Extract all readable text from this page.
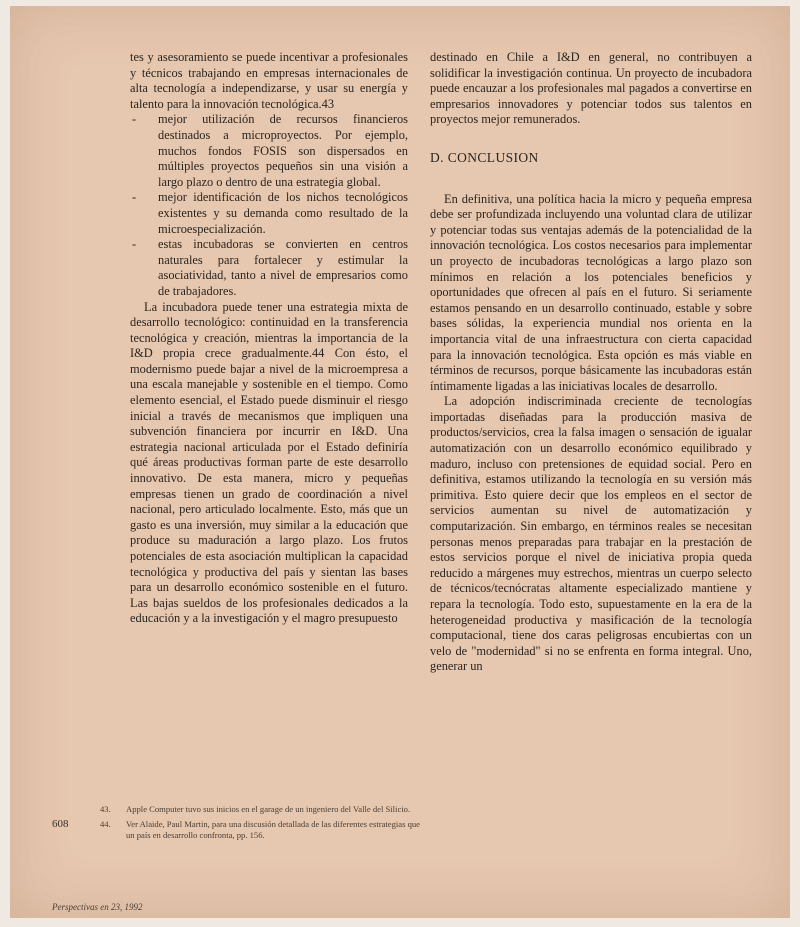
tes y asesoramiento se puede incentivar a profesionales y técnicos trabajando en empresas internacionales de alta tecnología a independizarse, y usar su energía y talento para la innovación tecnológica.43

- mejor utilización de recursos financieros destinados a microproyectos. Por ejemplo, muchos fondos FOSIS son dispersados en múltiples proyectos pequeños sin una visión a largo plazo o dentro de una estrategia global.
- mejor identificación de los nichos tecnológicos existentes y su demanda como resultado de la microespecialización.
- estas incubadoras se convierten en centros naturales para fortalecer y estimular la asociatividad, tanto a nivel de empresarios como de trabajadores.

La incubadora puede tener una estrategia mixta de desarrollo tecnológico: continuidad en la transferencia tecnológica y creación, mientras la importancia de la I&D propia crece gradualmente.44 Con ésto, el modernismo puede bajar a nivel de la microempresa a una escala manejable y sostenible en el tiempo. Como elemento esencial, el Estado puede disminuir el riesgo inicial a través de mecanismos que impliquen una subvención financiera por incurrir en I&D. Una estrategia nacional articulada por el Estado definiría qué áreas productivas forman parte de este desarrollo innovativo. De esta manera, micro y pequeñas empresas tienen un grado de coordinación a nivel nacional, pero articulado localmente. Esto, más que un gasto es una inversión, muy similar a la educación que produce su maduración a largo plazo. Los frutos potenciales de esta asociación multiplican la capacidad tecnológica y productiva del país y sientan las bases para un desarrollo económico sostenible en el futuro. Las bajas sueldos de los profesionales dedicados a la educación y a la investigación y el magro presupuesto

destinado en Chile a I&D en general, no contribuyen a solidificar la investigación continua. Un proyecto de incubadora puede encauzar a los profesionales mal pagados a convertirse en empresarios innovadores y potenciar todos sus talentos en proyectos mejor remunerados.

D. CONCLUSION

En definitiva, una política hacia la micro y pequeña empresa debe ser profundizada incluyendo una voluntad clara de utilizar y potenciar todas sus ventajas además de la potencialidad de la innovación tecnológica. Los costos necesarios para implementar un proyecto de incubadoras tecnológicas a largo plazo son mínimos en relación a los potenciales beneficios y oportunidades que ofrecen al país en el futuro. Si seriamente estamos pensando en un desarrollo continuado, estable y sobre bases sólidas, la experiencia mundial nos orienta en la importancia vital de una infraestructura con cierta capacidad para la innovación tecnológica. Esta opción es más viable en términos de recursos, porque básicamente las incubadoras están íntimamente ligadas a las iniciativas locales de desarrollo.

La adopción indiscriminada creciente de tecnologías importadas diseñadas para la producción masiva de productos/servicios, crea la falsa imagen o sensación de igualar automatización con un desarrollo económico equilibrado y maduro, incluso con pretensiones de equidad social. Pero en definitiva, estamos utilizando la tecnología en su versión más primitiva. Esto quiere decir que los empleos en el sector de servicios aumentan su nivel de automatización y computarización. Sin embargo, en términos reales se necesitan personas menos preparadas para trabajar en la prestación de estos servicios porque el nivel de iniciativa propia queda reducido a márgenes muy estrechos, mientras un cuerpo selecto de técnicos/tecnócratas altamente especializado mantiene y repara la tecnología. Todo esto, supuestamente en la era de la heterogeneidad productiva y masificación de la tecnología computacional, tiene dos caras peligrosas encubiertas con un velo de "modernidad" si no se enfrenta en forma integral. Uno, generar un

608
43.	Apple Computer tuvo sus inicios en el garage de un ingeniero del Valle del Silicio.
44.	Ver Alaide, Paul Martin, para una discusión detallada de las diferentes estrategias que un país en desarrollo confronta, pp. 156.
Perspectivas en 23, 1992
